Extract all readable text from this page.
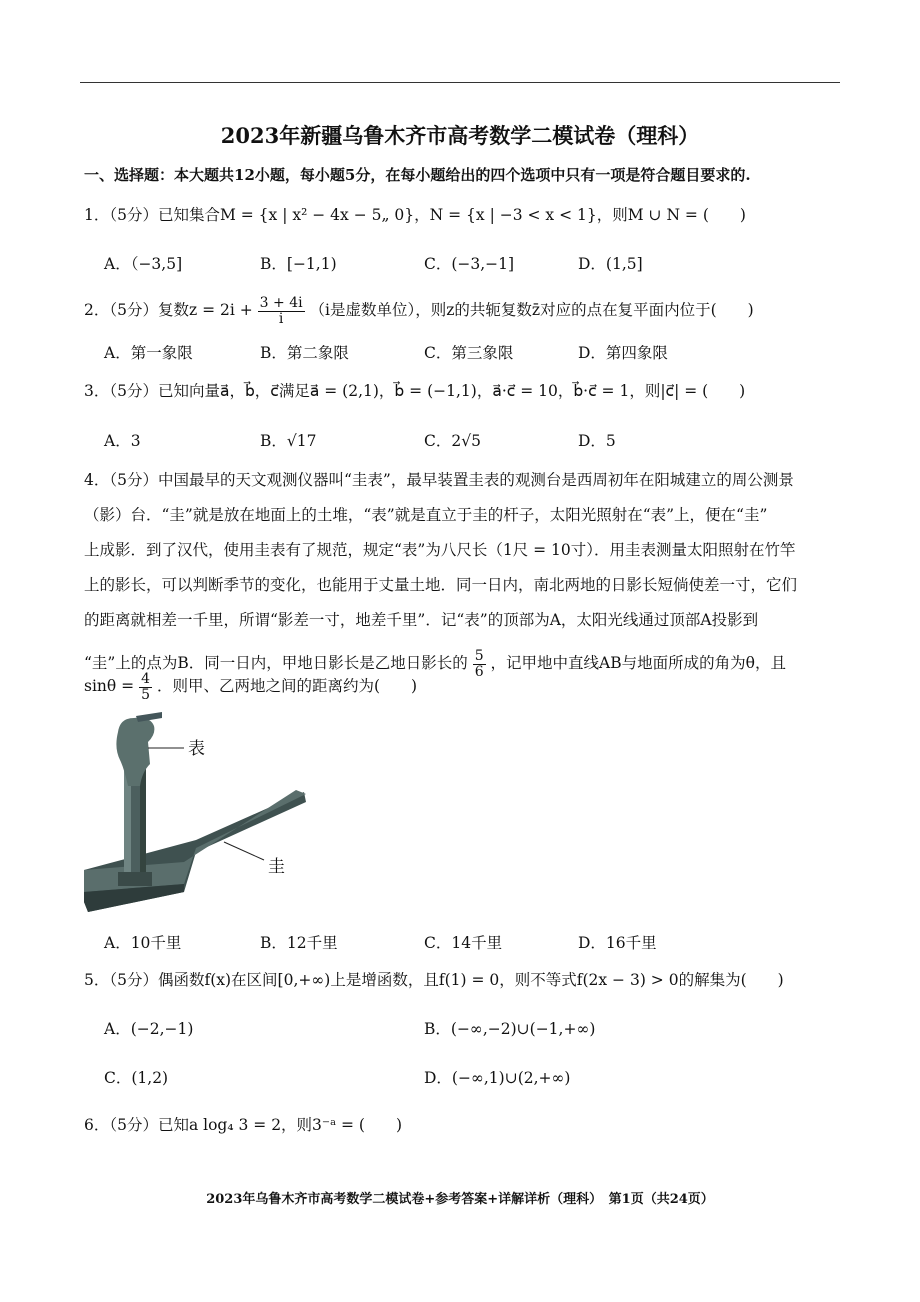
2023年新疆乌鲁木齐市高考数学二模试卷（理科）
一、选择题：本大题共12小题，每小题5分，在每小题给出的四个选项中只有一项是符合题目要求的.
1．（5分）已知集合M = {x | x² − 4x − 5„ 0}，N = {x | −3 < x < 1}，则M ∪ N = (　　)
A．（−3,5]	B．[−1,1)	C．(−3,−1]	D．(1,5]
2．（5分）复数$z = 2i + \frac{3 + 4i}{i} (i$是虚数单位），则z的共轭复数z̄对应的点在复平面内位于(　　)
A．第一象限	B．第二象限	C．第三象限	D．第四象限
3．（5分）已知向量a⃗，b⃗，c⃗满足a⃗ = (2,1)，b⃗ = (−1,1)，a⃗·c⃗ = 10，b⃗·c⃗ = 1，则|c⃗| = (　　)
A．3	B．√17	C．2√5	D．5
4．（5分）中国最早的天文观测仪器叫“圭表”，最早装置圭表的观测台是西周初年在阳城建立的周公测景
（影）台．“圭”就是放在地面上的土堆，“表”就是直立于圭的杆子，太阳光照射在“表”上，便在“圭”
上成影．到了汉代，使用圭表有了规范，规定“表”为八尺长（1尺 = 10寸）．用圭表测量太阳照射在竹竿
上的影长，可以判断季节的变化，也能用于丈量土地．同一日内，南北两地的日影长短倘使差一寸，它们
的距离就相差一千里，所谓“影差一寸，地差千里”．记“表”的顶部为A，太阳光线通过顶部A投影到
“圭”上的点为B．同一日内，甲地日影长是乙地日影长的 $\frac{5}{6}$ ，记甲地中直线AB与地面所成的角为θ，且
$\sin\theta = \frac{4}{5}$ ．则甲、乙两地之间的距离约为(　　)
表
圭
A．10千里	B．12千里	C．14千里	D．16千里
5．（5分）偶函数f(x)在区间[0,+∞)上是增函数，且f(1) = 0，则不等式f(2x − 3) > 0的解集为(　　)
A．(−2,−1)	B．(−∞,−2)∪(−1,+∞)
C．(1,2)	D．(−∞,1)∪(2,+∞)
6．（5分）已知a log₄ 3 = 2，则3⁻ᵃ = (　　)
2023年乌鲁木齐市高考数学二模试卷+参考答案+详解详析（理科）　第1页（共24页）
